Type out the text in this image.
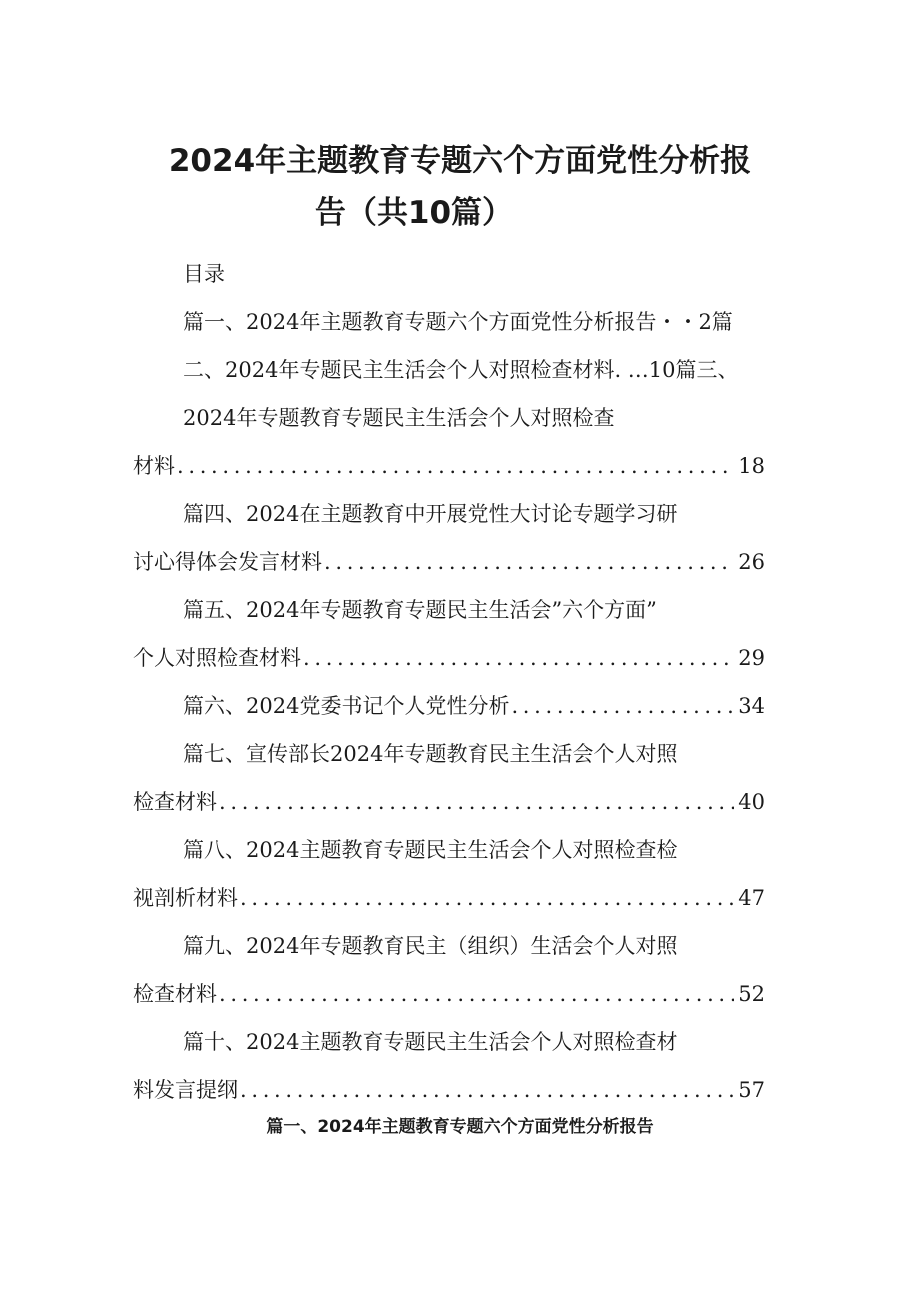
2024年主题教育专题六个方面党性分析报
告（共10篇）
目录
篇一、2024年主题教育专题六个方面党性分析报告・・2篇
二、2024年专题民主生活会个人对照检查材料. …10篇三、
2024年专题教育专题民主生活会个人对照检查
材料 . . .	18
篇四、2024在主题教育中开展党性大讨论专题学习研
讨心得体会发言材料 . . .	26
篇五、2024年专题教育专题民主生活会”六个方面”
个人对照检查材料 . . .	29
篇六、2024党委书记个人党性分析 . . .	34
篇七、宣传部长2024年专题教育民主生活会个人对照
检查材料 . . .	40
篇八、2024主题教育专题民主生活会个人对照检查检
视剖析材料 . . .	47
篇九、2024年专题教育民主（组织）生活会个人对照
检查材料 . . .	52
篇十、2024主题教育专题民主生活会个人对照检查材
料发言提纲 . . .	57
篇一、2024年主题教育专题六个方面党性分析报告
